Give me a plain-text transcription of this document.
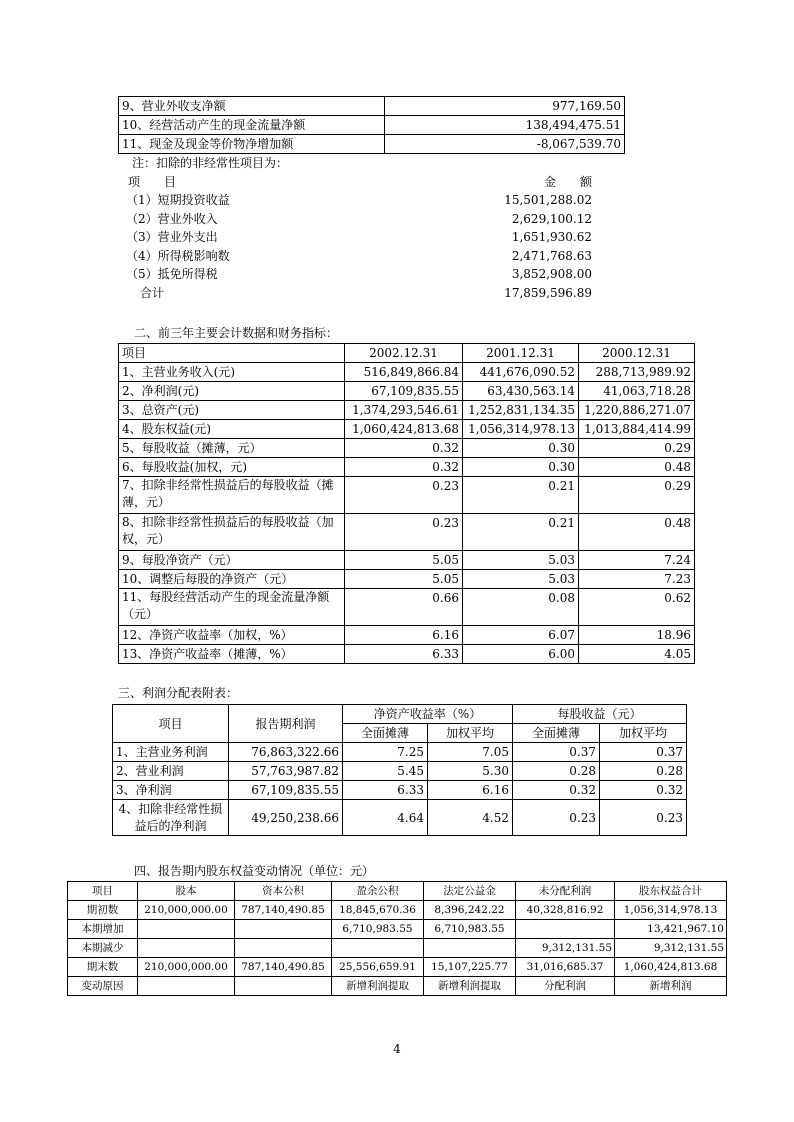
9、营业外收支净额	977,169.50
10、经营活动产生的现金流量净额	138,494,475.51
11、现金及现金等价物净增加额	-8,067,539.70
注：扣除的非经常性项目为：
项　　目	金　　额
（1）短期投资收益	15,501,288.02
（2）营业外收入	2,629,100.12
（3）营业外支出	1,651,930.62
（4）所得税影响数	2,471,768.63
（5）抵免所得税	3,852,908.00
合计	17,859,596.89
二、前三年主要会计数据和财务指标：
项目	2002.12.31	2001.12.31	2000.12.31
1、主营业务收入(元)	516,849,866.84	441,676,090.52	288,713,989.92
2、净利润(元)	67,109,835.55	63,430,563.14	41,063,718.28
3、总资产(元)	1,374,293,546.61	1,252,831,134.35	1,220,886,271.07
4、股东权益(元)	1,060,424,813.68	1,056,314,978.13	1,013,884,414.99
5、每股收益（摊薄，元）	0.32	0.30	0.29
6、每股收益(加权，元)	0.32	0.30	0.48
7、扣除非经常性损益后的每股收益（摊薄，元）	0.23	0.21	0.29
8、扣除非经常性损益后的每股收益（加权，元）	0.23	0.21	0.48
9、每股净资产（元）	5.05	5.03	7.24
10、调整后每股的净资产（元）	5.05	5.03	7.23
11、每股经营活动产生的现金流量净额（元）	0.66	0.08	0.62
12、净资产收益率（加权，%）	6.16	6.07	18.96
13、净资产收益率（摊薄，%）	6.33	6.00	4.05
三、利润分配表附表：
项目	报告期利润	净资产收益率（%）		每股收益（元）	
		全面摊薄	加权平均	全面摊薄	加权平均
1、主营业务利润	76,863,322.66	7.25	7.05	0.37	0.37
2、营业利润	57,763,987.82	5.45	5.30	0.28	0.28
3、净利润	67,109,835.55	6.33	6.16	0.32	0.32
4、扣除非经常性损益后的净利润	49,250,238.66	4.64	4.52	0.23	0.23
四、报告期内股东权益变动情况（单位：元）
项目	股本	资本公积	盈余公积	法定公益金	未分配利润	股东权益合计
期初数	210,000,000.00	787,140,490.85	18,845,670.36	8,396,242.22	40,328,816.92	1,056,314,978.13
本期增加			6,710,983.55	6,710,983.55		13,421,967.10
本期减少					9,312,131.55	9,312,131.55
期末数	210,000,000.00	787,140,490.85	25,556,659.91	15,107,225.77	31,016,685.37	1,060,424,813.68
变动原因			新增利润提取	新增利润提取	分配利润	新增利润
4
